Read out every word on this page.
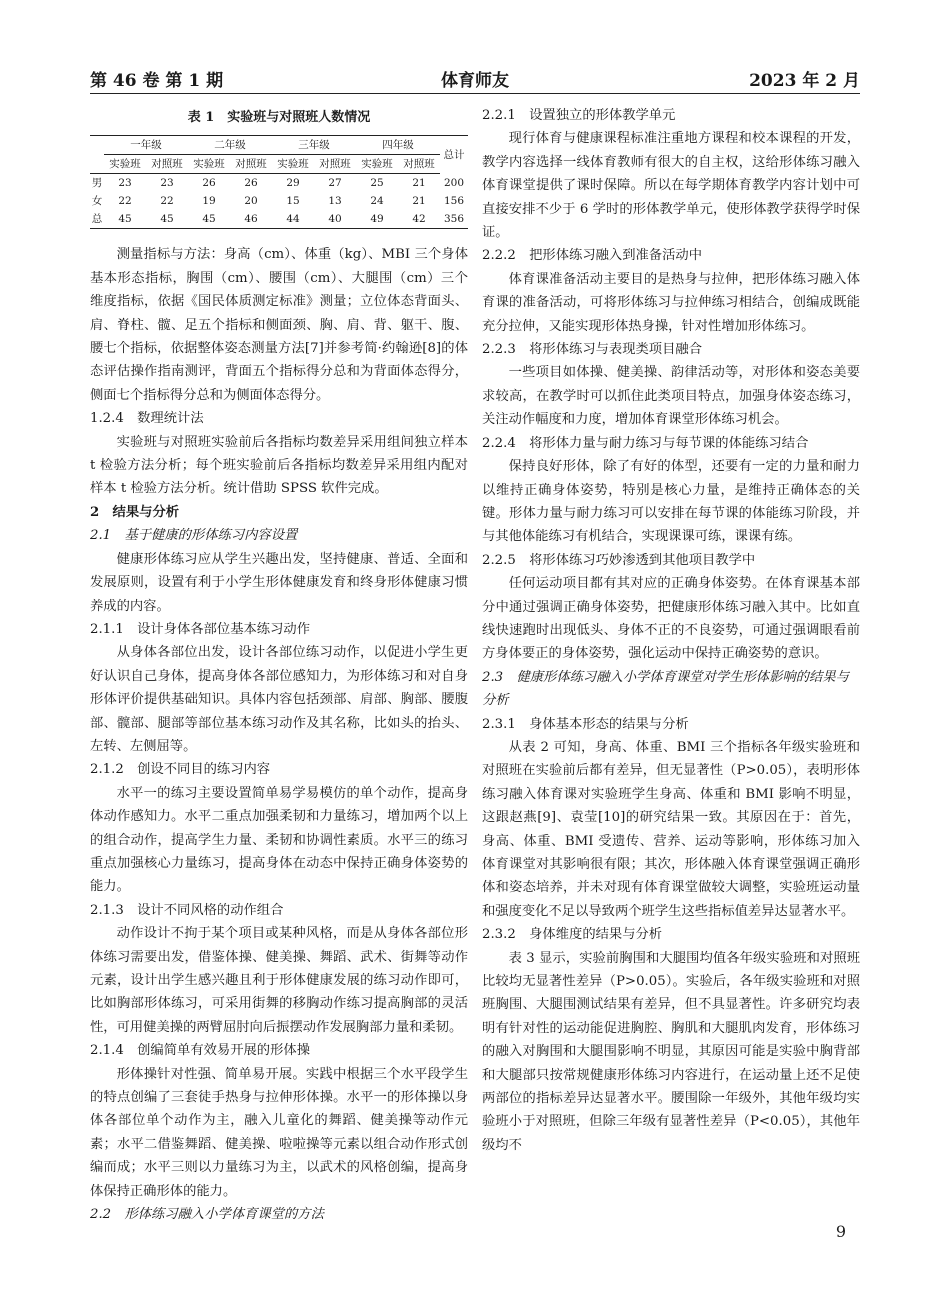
第 46 卷 第 1 期	体育师友	2023 年 2 月
表 1　实验班与对照班人数情况
	一年级		二年级		三年级		四年级		总计
	实验班	对照班	实验班	对照班	实验班	对照班	实验班	对照班	
男	23	23	26	26	29	27	25	21	200
女	22	22	19	20	15	13	24	21	156
总	45	45	45	46	44	40	49	42	356

测量指标与方法：身高（cm）、体重（kg）、MBI 三个身体基本形态指标，胸围（cm）、腰围（cm）、大腿围（cm）三个维度指标，依据《国民体质测定标准》测量；立位体态背面头、肩、脊柱、髋、足五个指标和侧面颈、胸、肩、背、躯干、腹、腰七个指标，依据整体姿态测量方法[7]并参考简·约翰逊[8]的体态评估操作指南测评，背面五个指标得分总和为背面体态得分，侧面七个指标得分总和为侧面体态得分。

1.2.4　数理统计法

实验班与对照班实验前后各指标均数差异采用组间独立样本 t 检验方法分析；每个班实验前后各指标均数差异采用组内配对样本 t 检验方法分析。统计借助 SPSS 软件完成。

2　结果与分析
2.1　基于健康的形体练习内容设置

健康形体练习应从学生兴趣出发，坚持健康、普适、全面和发展原则，设置有利于小学生形体健康发育和终身形体健康习惯养成的内容。

2.1.1　设计身体各部位基本练习动作

从身体各部位出发，设计各部位练习动作，以促进小学生更好认识自己身体，提高身体各部位感知力，为形体练习和对自身形体评价提供基础知识。具体内容包括颈部、肩部、胸部、腰腹部、髋部、腿部等部位基本练习动作及其名称，比如头的抬头、左转、左侧屈等。

2.1.2　创设不同目的练习内容

水平一的练习主要设置简单易学易模仿的单个动作，提高身体动作感知力。水平二重点加强柔韧和力量练习，增加两个以上的组合动作，提高学生力量、柔韧和协调性素质。水平三的练习重点加强核心力量练习，提高身体在动态中保持正确身体姿势的能力。

2.1.3　设计不同风格的动作组合

动作设计不拘于某个项目或某种风格，而是从身体各部位形体练习需要出发，借鉴体操、健美操、舞蹈、武术、街舞等动作元素，设计出学生感兴趣且利于形体健康发展的练习动作即可，比如胸部形体练习，可采用街舞的移胸动作练习提高胸部的灵活性，可用健美操的两臂屈肘向后振摆动作发展胸部力量和柔韧。

2.1.4　创编简单有效易开展的形体操

形体操针对性强、简单易开展。实践中根据三个水平段学生的特点创编了三套徒手热身与拉伸形体操。水平一的形体操以身体各部位单个动作为主，融入儿童化的舞蹈、健美操等动作元素；水平二借鉴舞蹈、健美操、啦啦操等元素以组合动作形式创编而成；水平三则以力量练习为主，以武术的风格创编，提高身体保持正确形体的能力。

2.2　形体练习融入小学体育课堂的方法
2.2.1　设置独立的形体教学单元

现行体育与健康课程标准注重地方课程和校本课程的开发，教学内容选择一线体育教师有很大的自主权，这给形体练习融入体育课堂提供了课时保障。所以在每学期体育教学内容计划中可直接安排不少于 6 学时的形体教学单元，使形体教学获得学时保证。

2.2.2　把形体练习融入到准备活动中

体育课准备活动主要目的是热身与拉伸，把形体练习融入体育课的准备活动，可将形体练习与拉伸练习相结合，创编成既能充分拉伸，又能实现形体热身操，针对性增加形体练习。

2.2.3　将形体练习与表现类项目融合

一些项目如体操、健美操、韵律活动等，对形体和姿态美要求较高，在教学时可以抓住此类项目特点，加强身体姿态练习，关注动作幅度和力度，增加体育课堂形体练习机会。

2.2.4　将形体力量与耐力练习与每节课的体能练习结合

保持良好形体，除了有好的体型，还要有一定的力量和耐力以维持正确身体姿势，特别是核心力量，是维持正确体态的关键。形体力量与耐力练习可以安排在每节课的体能练习阶段，并与其他体能练习有机结合，实现课课可练，课课有练。

2.2.5　将形体练习巧妙渗透到其他项目教学中

任何运动项目都有其对应的正确身体姿势。在体育课基本部分中通过强调正确身体姿势，把健康形体练习融入其中。比如直线快速跑时出现低头、身体不正的不良姿势，可通过强调眼看前方身体要正的身体姿势，强化运动中保持正确姿势的意识。

2.3　健康形体练习融入小学体育课堂对学生形体影响的结果与分析
2.3.1　身体基本形态的结果与分析

从表 2 可知，身高、体重、BMI 三个指标各年级实验班和对照班在实验前后都有差异，但无显著性（P>0.05），表明形体练习融入体育课对实验班学生身高、体重和 BMI 影响不明显，这跟赵燕[9]、袁莹[10]的研究结果一致。其原因在于：首先，身高、体重、BMI 受遗传、营养、运动等影响，形体练习加入体育课堂对其影响很有限；其次，形体融入体育课堂强调正确形体和姿态培养，并未对现有体育课堂做较大调整，实验班运动量和强度变化不足以导致两个班学生这些指标值差异达显著水平。

2.3.2　身体维度的结果与分析

表 3 显示，实验前胸围和大腿围均值各年级实验班和对照班比较均无显著性差异（P>0.05）。实验后，各年级实验班和对照班胸围、大腿围测试结果有差异，但不具显著性。许多研究均表明有针对性的运动能促进胸腔、胸肌和大腿肌肉发育，形体练习的融入对胸围和大腿围影响不明显，其原因可能是实验中胸背部和大腿部只按常规健康形体练习内容进行，在运动量上还不足使两部位的指标差异达显著水平。腰围除一年级外，其他年级均实验班小于对照班，但除三年级有显著性差异（P<0.05），其他年级均不

9
